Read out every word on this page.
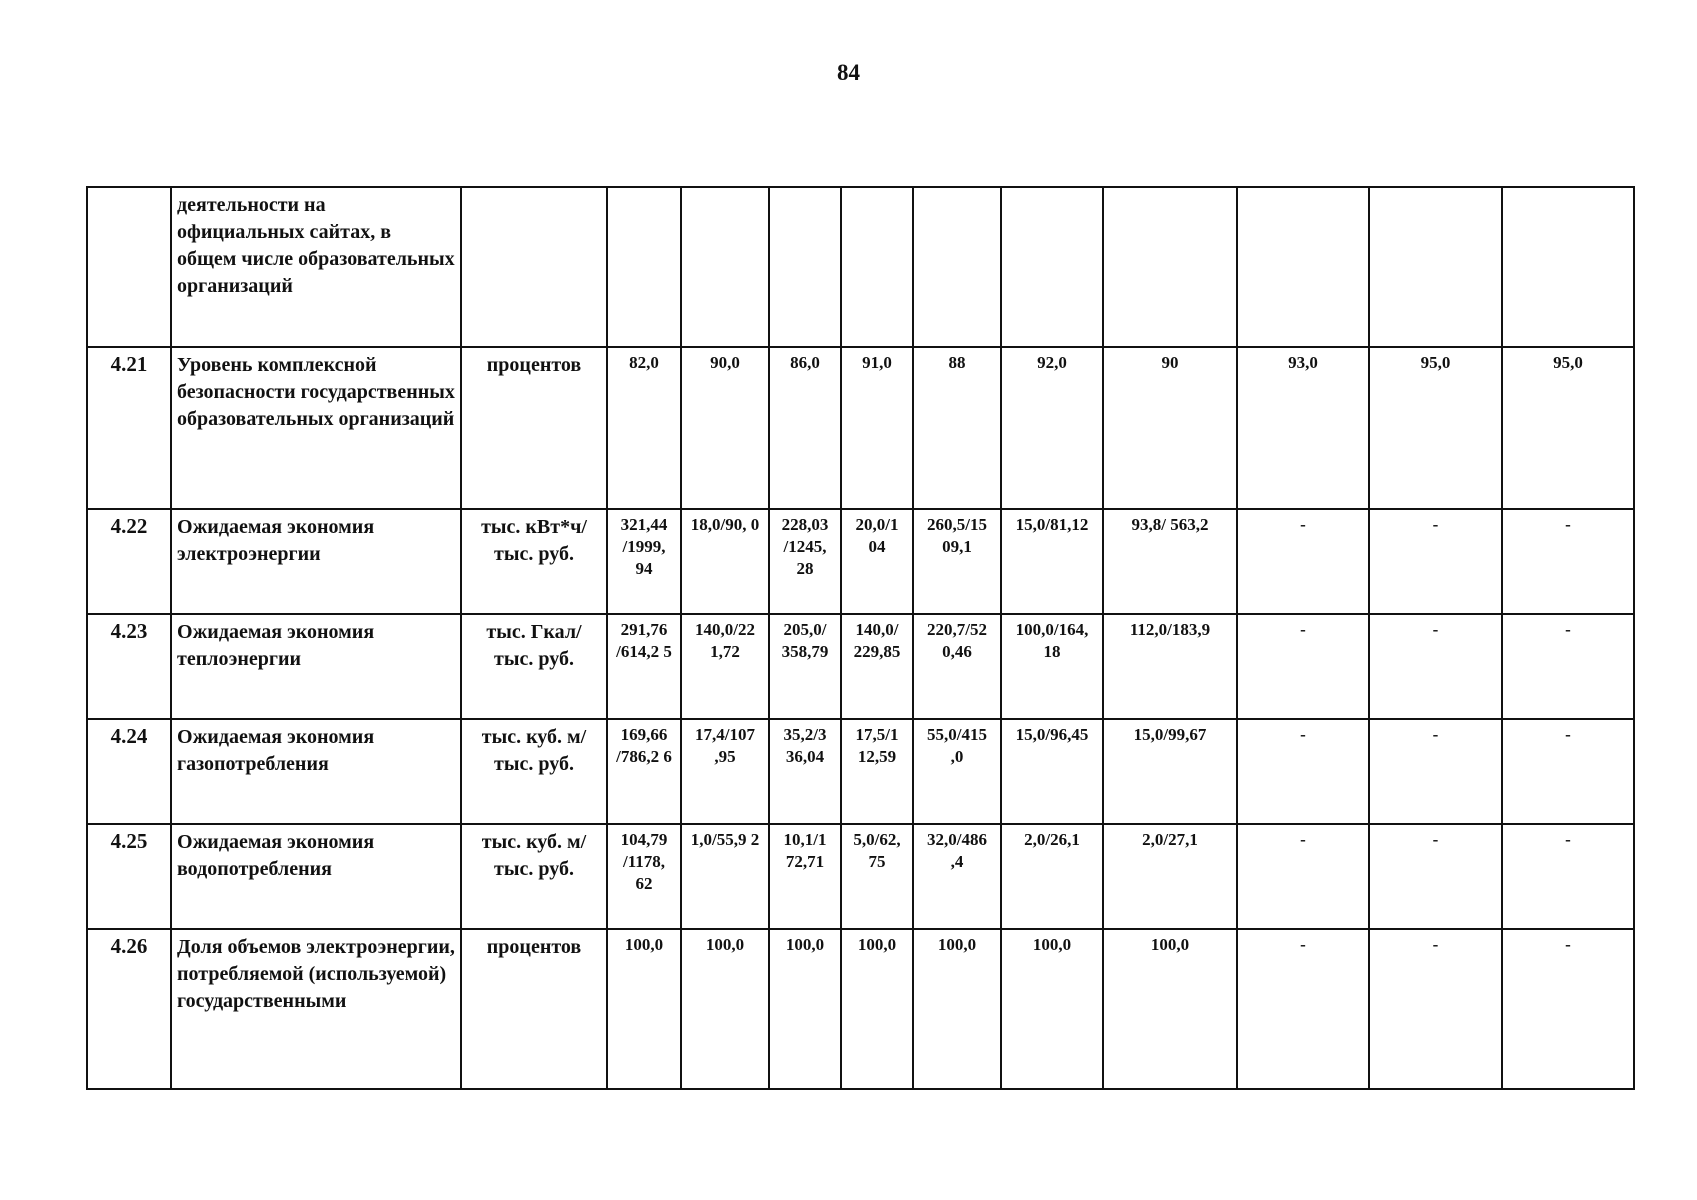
84
	деятельности на официальных сайтах, в общем числе образовательных организаций											
4.21	Уровень комплексной безопасности государственных образовательных организаций	процентов	82,0	90,0	86,0	91,0	88	92,0	90	93,0	95,0	95,0
4.22	Ожидаемая экономия электроэнергии	тыс. кВт*ч/тыс. руб.	321,44 /1999, 94	18,0/90, 0	228,03 /1245, 28	20,0/1 04	260,5/15 09,1	15,0/81,12	93,8/ 563,2	-	-	-
4.23	Ожидаемая экономия теплоэнергии	тыс. Гкал/тыс. руб.	291,76 /614,2 5	140,0/22 1,72	205,0/ 358,79	140,0/ 229,85	220,7/52 0,46	100,0/164, 18	112,0/183,9	-	-	-
4.24	Ожидаемая экономия газопотребления	тыс. куб. м/тыс. руб.	169,66 /786,2 6	17,4/107 ,95	35,2/3 36,04	17,5/1 12,59	55,0/415 ,0	15,0/96,45	15,0/99,67	-	-	-
4.25	Ожидаемая экономия водопотребления	тыс. куб. м/тыс. руб.	104,79 /1178, 62	1,0/55,9 2	10,1/1 72,71	5,0/62, 75	32,0/486 ,4	2,0/26,1	2,0/27,1	-	-	-
4.26	Доля объемов электроэнергии, потребляемой (используемой) государственными	процентов	100,0	100,0	100,0	100,0	100,0	100,0	100,0	-	-	-
